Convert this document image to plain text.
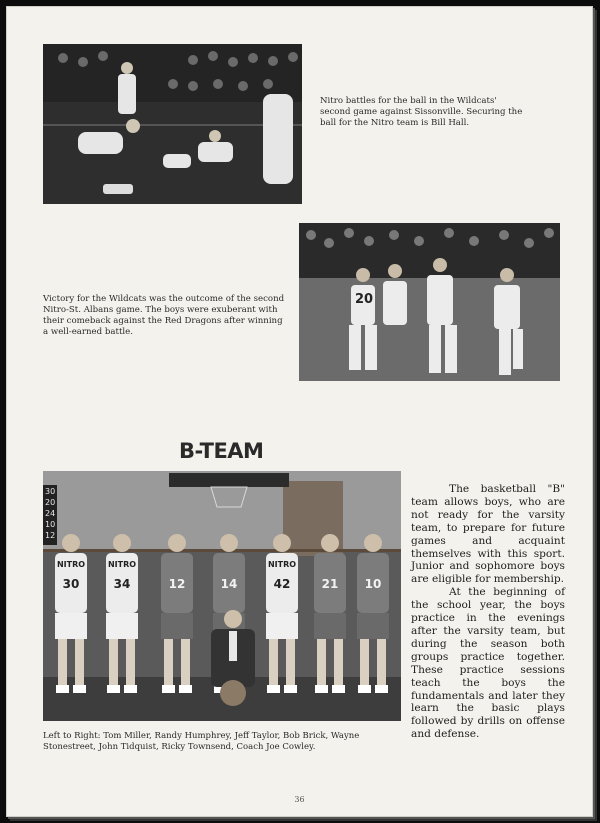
Nitro battles for the ball in the Wildcats' second game against Sissonville. Securing the ball for the Nitro team is Bill Hall.

20

Victory for the Wildcats was the outcome of the second Nitro-St. Albans game. The boys were exuberant with their comeback against the Red Dragons after winning a well-earned battle.

B-TEAM
NITRO
30
NITRO
34	12	14
NITRO
42	21 10
30
20
24
10
12

Left to Right: Tom Miller, Randy Humphrey, Jeff Taylor, Bob Brick, Wayne Stonestreet, John Tidquist, Ricky Townsend, Coach Joe Cowley.

The basketball "B" team allows boys, who are not ready for the varsity team, to prepare for future games and acquaint themselves with this sport. Junior and sophomore boys are eligible for membership.

At the beginning of the school year, the boys practice in the evenings after the varsity team, but during the season both groups practice together. These practice sessions teach the boys the fundamentals and later they learn the basic plays followed by drills on offense and defense.

36
